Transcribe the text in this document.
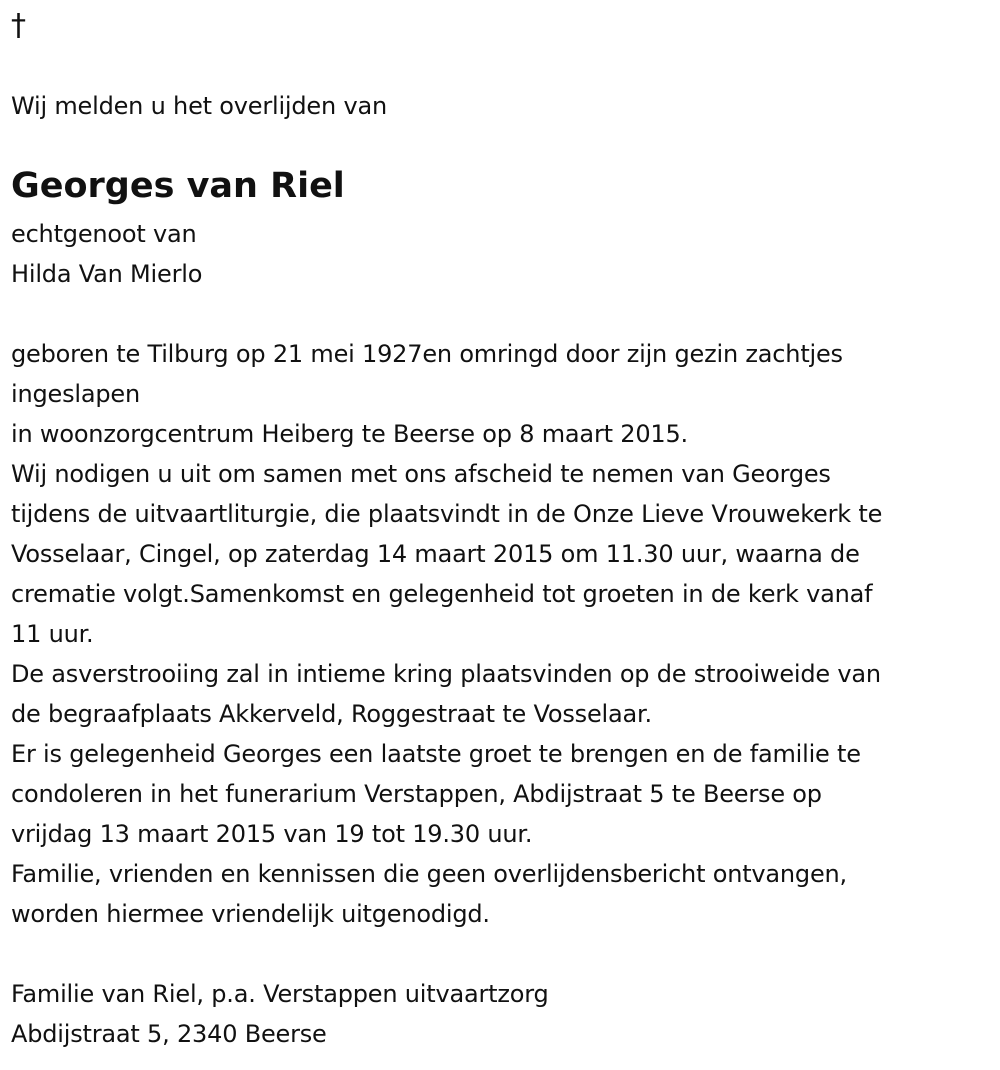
†
Wij melden u het overlijden van
Georges van Riel
echtgenoot van
Hilda Van Mierlo
geboren te Tilburg op 21 mei 1927en omringd door zijn gezin zachtjes
ingeslapen
in woonzorgcentrum Heiberg te Beerse op 8 maart 2015.
Wij nodigen u uit om samen met ons afscheid te nemen van Georges
tijdens de uitvaartliturgie, die plaatsvindt in de Onze Lieve Vrouwekerk te
Vosselaar, Cingel, op zaterdag 14 maart 2015 om 11.30 uur, waarna de
crematie volgt.Samenkomst en gelegenheid tot groeten in de kerk vanaf
11 uur.
De asverstrooiing zal in intieme kring plaatsvinden op de strooiweide van
de begraafplaats Akkerveld, Roggestraat te Vosselaar.
Er is gelegenheid Georges een laatste groet te brengen en de familie te
condoleren in het funerarium Verstappen, Abdijstraat 5 te Beerse op
vrijdag 13 maart 2015 van 19 tot 19.30 uur.
Familie, vrienden en kennissen die geen overlijdensbericht ontvangen,
worden hiermee vriendelijk uitgenodigd.
Familie van Riel, p.a. Verstappen uitvaartzorg
Abdijstraat 5, 2340 Beerse
